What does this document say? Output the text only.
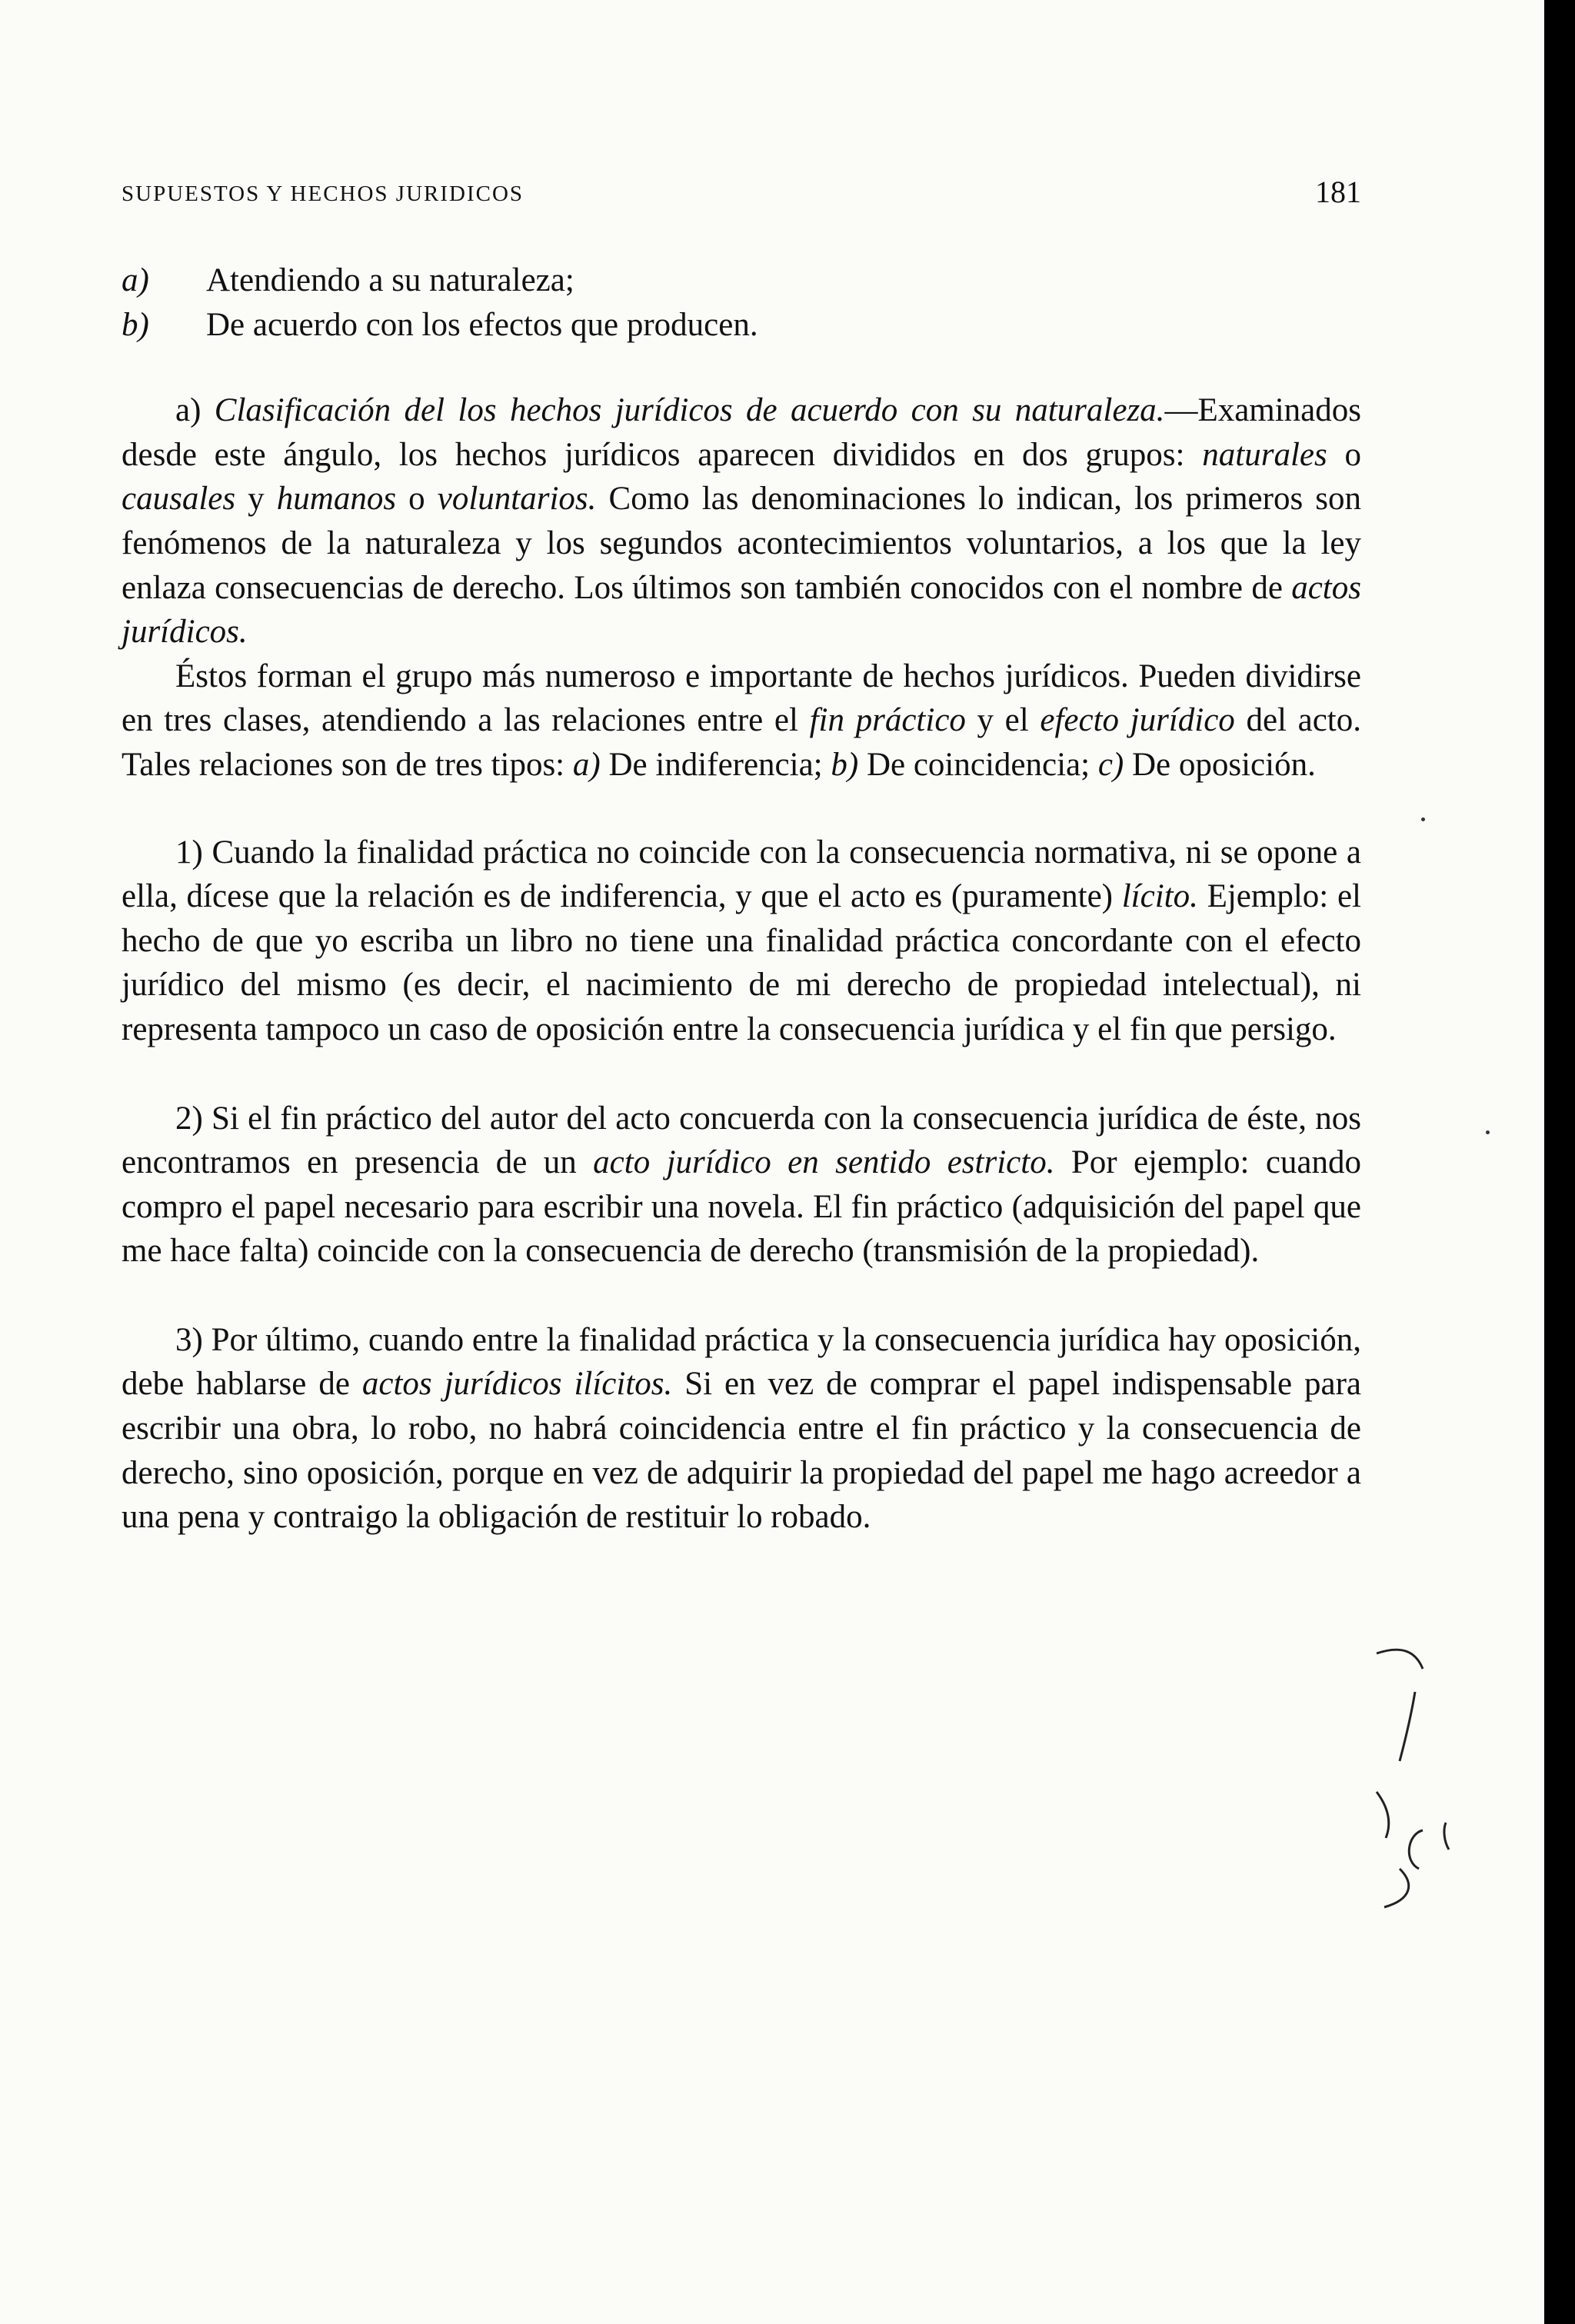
SUPUESTOS Y HECHOS JURIDICOS	181

a) Atendiendo a su naturaleza;

b) De acuerdo con los efectos que producen.

a) Clasificación del los hechos jurídicos de acuerdo con su naturaleza.—Examinados desde este ángulo, los hechos jurídicos aparecen divididos en dos grupos: naturales o causales y humanos o voluntarios. Como las denominaciones lo indican, los primeros son fenómenos de la naturaleza y los segundos acontecimientos voluntarios, a los que la ley enlaza consecuencias de derecho. Los últimos son también conocidos con el nombre de actos jurídicos.

Éstos forman el grupo más numeroso e importante de hechos jurídicos. Pueden dividirse en tres clases, atendiendo a las relaciones entre el fin práctico y el efecto jurídico del acto. Tales relaciones son de tres tipos: a) De indiferencia; b) De coincidencia; c) De oposición.

1) Cuando la finalidad práctica no coincide con la consecuencia normativa, ni se opone a ella, dícese que la relación es de indiferencia, y que el acto es (puramente) lícito. Ejemplo: el hecho de que yo escriba un libro no tiene una finalidad práctica concordante con el efecto jurídico del mismo (es decir, el nacimiento de mi derecho de propiedad intelectual), ni representa tampoco un caso de oposición entre la consecuencia jurídica y el fin que persigo.

2) Si el fin práctico del autor del acto concuerda con la consecuencia jurídica de éste, nos encontramos en presencia de un acto jurídico en sentido estricto. Por ejemplo: cuando compro el papel necesario para escribir una novela. El fin práctico (adquisición del papel que me hace falta) coincide con la consecuencia de derecho (transmisión de la propiedad).

3) Por último, cuando entre la finalidad práctica y la consecuencia jurídica hay oposición, debe hablarse de actos jurídicos ilícitos. Si en vez de comprar el papel indispensable para escribir una obra, lo robo, no habrá coincidencia entre el fin práctico y la consecuencia de derecho, sino oposición, porque en vez de adquirir la propiedad del papel me hago acreedor a una pena y contraigo la obligación de restituir lo robado.
